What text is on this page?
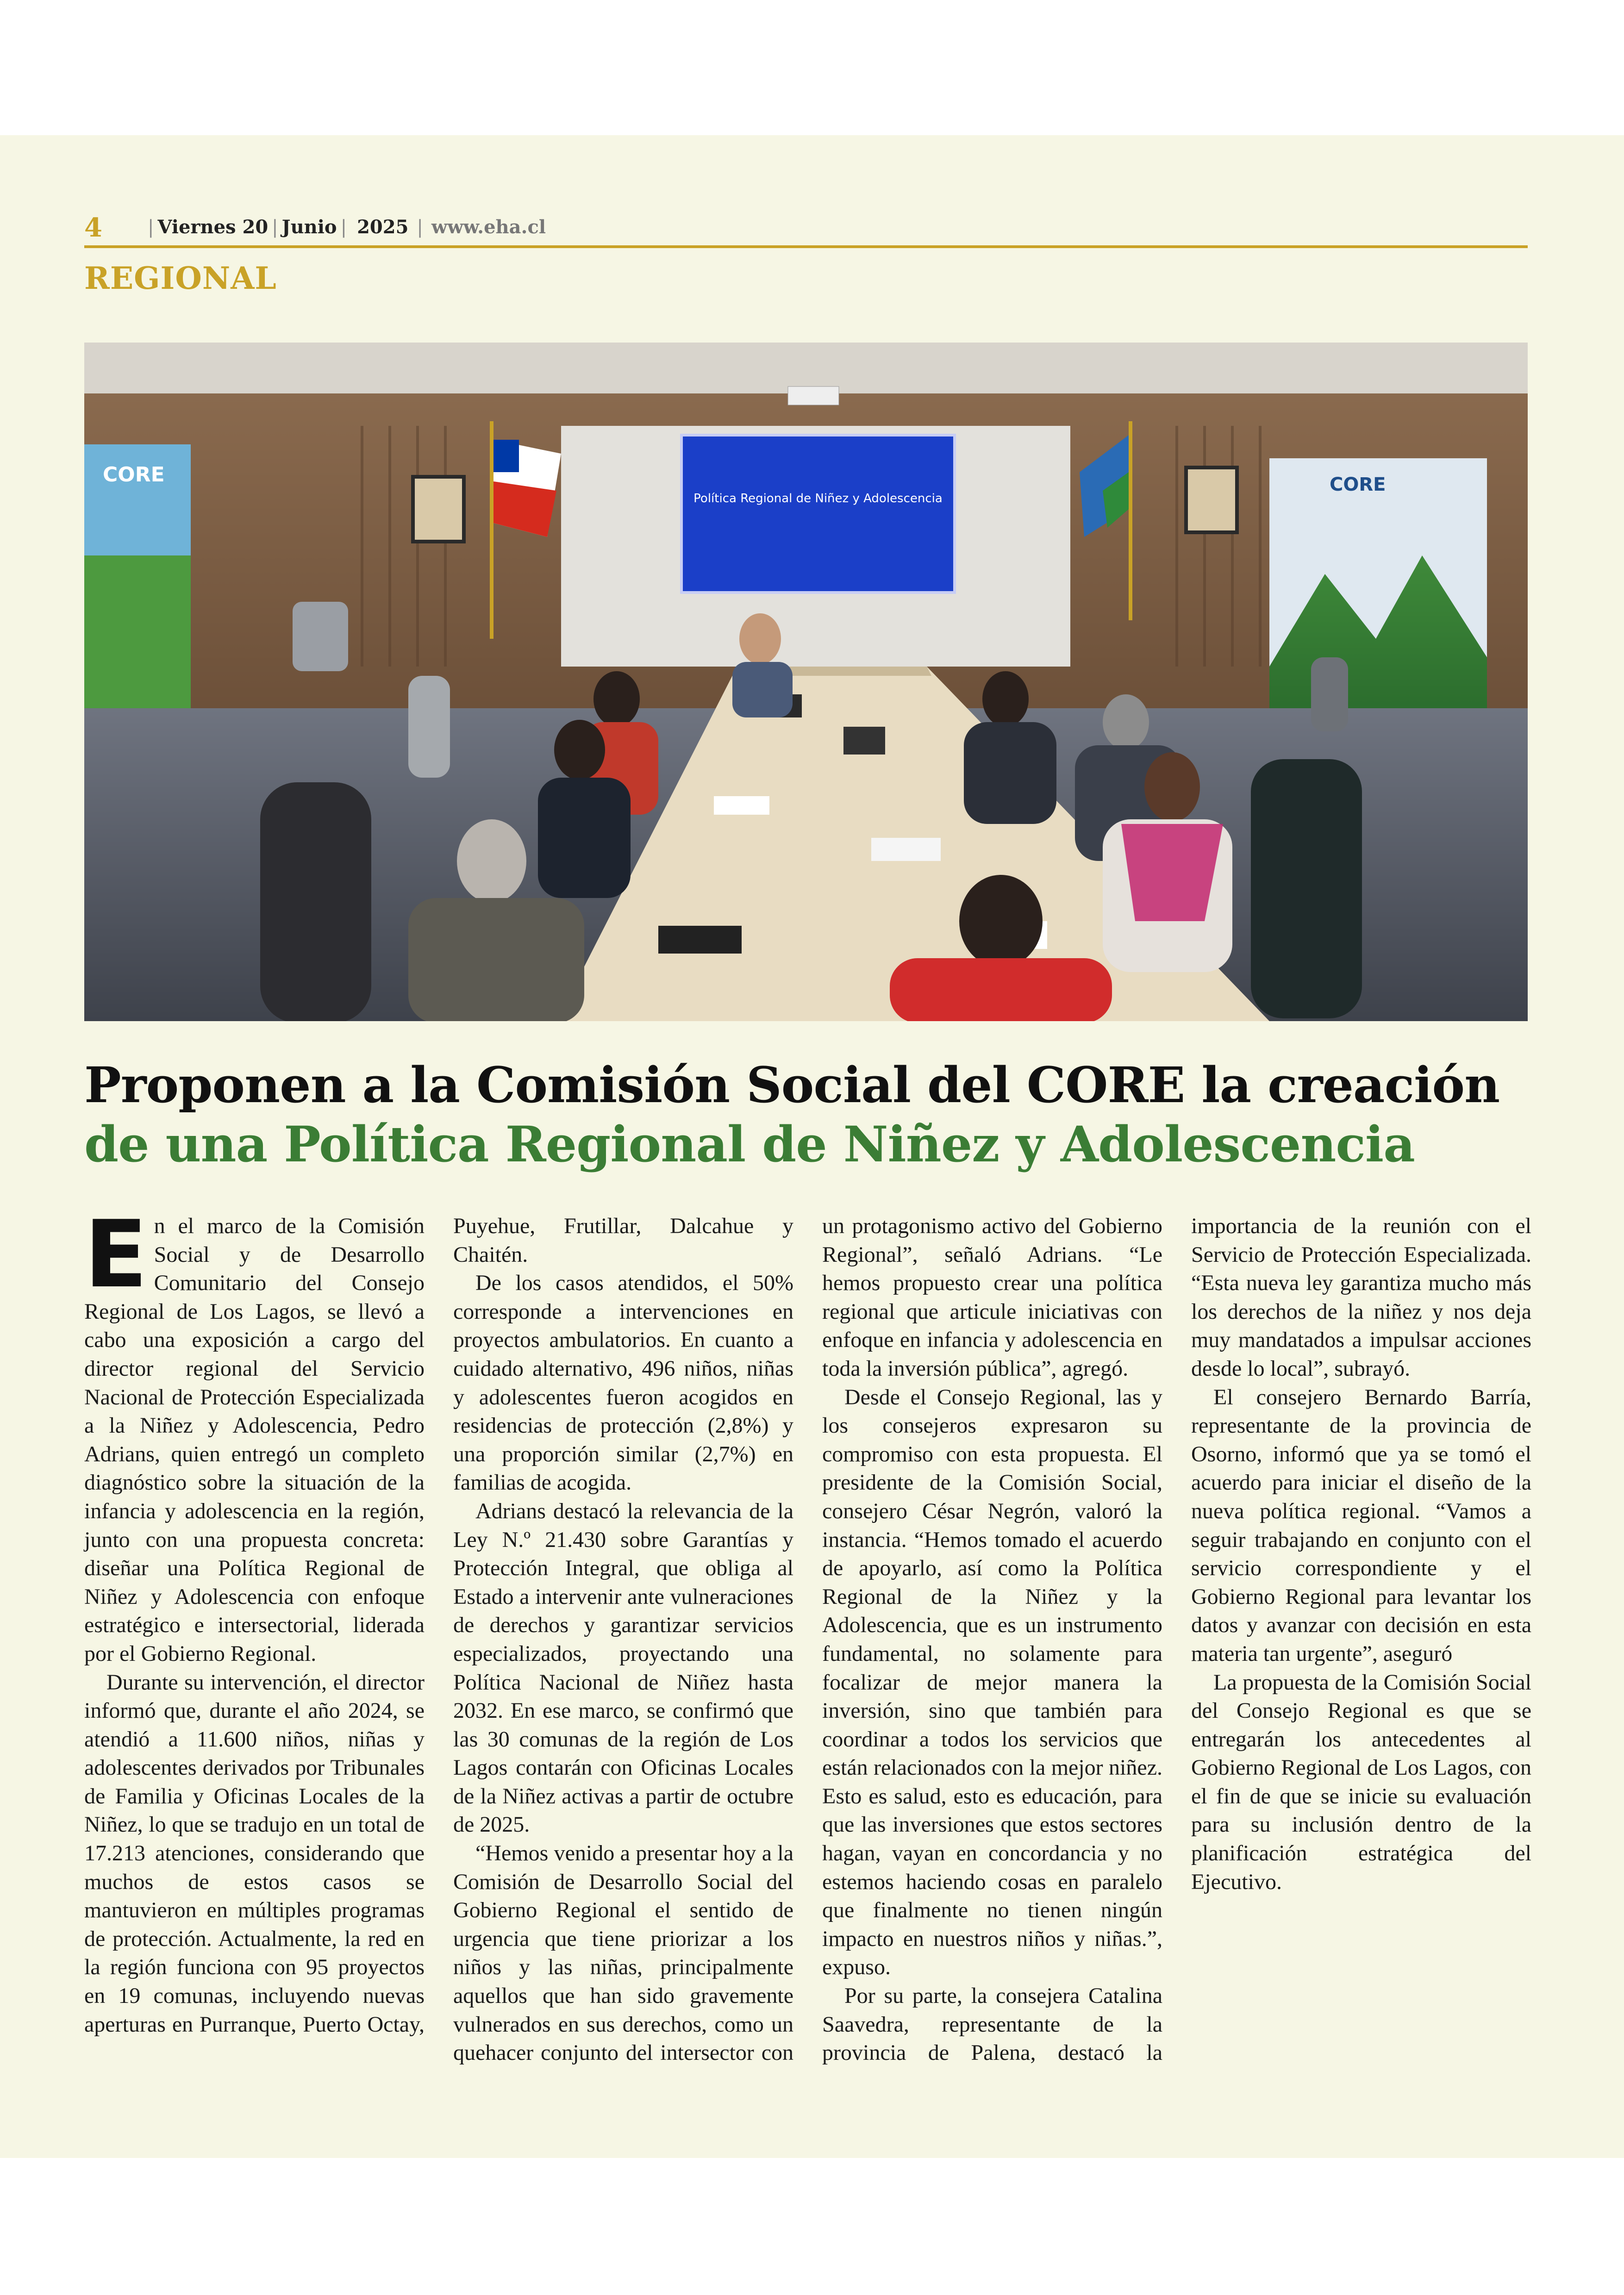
4 | Viernes 20 | Junio | 2025 | www.eha.cl
REGIONAL
Política Regional de Niñez y Adolescencia
CORE	CORE
Proponen a la Comisión Social del CORE la creación
de una Política Regional de Niñez y Adolescencia

En el marco de la Comisión Social y de Desarrollo Comunitario del Consejo Regional de Los Lagos, se llevó a cabo una exposición a cargo del director regional del Servicio Nacional de Protección Especializada a la Niñez y Adolescencia, Pedro Adrians, quien entregó un completo diagnóstico sobre la situación de la infancia y adolescencia en la región, junto con una propuesta concreta: diseñar una Política Regional de Niñez y Adolescencia con enfoque estratégico e intersectorial, liderada por el Gobierno Regional.

Durante su intervención, el director informó que, durante el año 2024, se atendió a 11.600 niños, niñas y adolescentes derivados por Tribunales de Familia y Oficinas Locales de la Niñez, lo que se tradujo en un total de 17.213 atenciones, considerando que muchos de estos casos se mantuvieron en múltiples programas de protección. Actualmente, la red en la región funciona con 95 proyectos en 19 comunas, incluyendo nuevas aperturas en Purranque, Puerto Octay, Puyehue, Frutillar, Dalcahue y Chaitén.

De los casos atendidos, el 50% corresponde a intervenciones en proyectos ambulatorios. En cuanto a cuidado alternativo, 496 niños, niñas y adolescentes fueron acogidos en residencias de protección (2,8%) y una proporción similar (2,7%) en familias de acogida.

Adrians destacó la relevancia de la Ley N.º 21.430 sobre Garantías y Protección Integral, que obliga al Estado a intervenir ante vulneraciones de derechos y garantizar servicios especializados, proyectando una Política Nacional de Niñez hasta 2032. En ese marco, se confirmó que las 30 comunas de la región de Los Lagos contarán con Oficinas Locales de la Niñez activas a partir de octubre de 2025.

“Hemos venido a presentar hoy a la Comisión de Desarrollo Social del Gobierno Regional el sentido de urgencia que tiene priorizar a los niños y las niñas, principalmente aquellos que han sido gravemente vulnerados en sus derechos, como un quehacer conjunto del intersector con un protagonismo activo del Gobierno Regional”, señaló Adrians. “Le hemos propuesto crear una política regional que articule iniciativas con enfoque en infancia y adolescencia en toda la inversión pública”, agregó.

Desde el Consejo Regional, las y los consejeros expresaron su compromiso con esta propuesta. El presidente de la Comisión Social, consejero César Negrón, valoró la instancia. “Hemos tomado el acuerdo de apoyarlo, así como la Política Regional de la Niñez y la Adolescencia, que es un instrumento fundamental, no solamente para focalizar de mejor manera la inversión, sino que también para coordinar a todos los servicios que están relacionados con la mejor niñez. Esto es salud, esto es educación, para que las inversiones que estos sectores hagan, vayan en concordancia y no estemos haciendo cosas en paralelo que finalmente no tienen ningún impacto en nuestros niños y niñas.”, expuso.

Por su parte, la consejera Catalina Saavedra, representante de la provincia de Palena, destacó la importancia de la reunión con el Servicio de Protección Especializada. “Esta nueva ley garantiza mucho más los derechos de la niñez y nos deja muy mandatados a impulsar acciones desde lo local”, subrayó.

El consejero Bernardo Barría, representante de la provincia de Osorno, informó que ya se tomó el acuerdo para iniciar el diseño de la nueva política regional. “Vamos a seguir trabajando en conjunto con el servicio correspondiente y el Gobierno Regional para levantar los datos y avanzar con decisión en esta materia tan urgente”, aseguró

La propuesta de la Comisión Social del Consejo Regional es que se entregarán los antecedentes al Gobierno Regional de Los Lagos, con el fin de que se inicie su evaluación para su inclusión dentro de la planificación estratégica del Ejecutivo.
